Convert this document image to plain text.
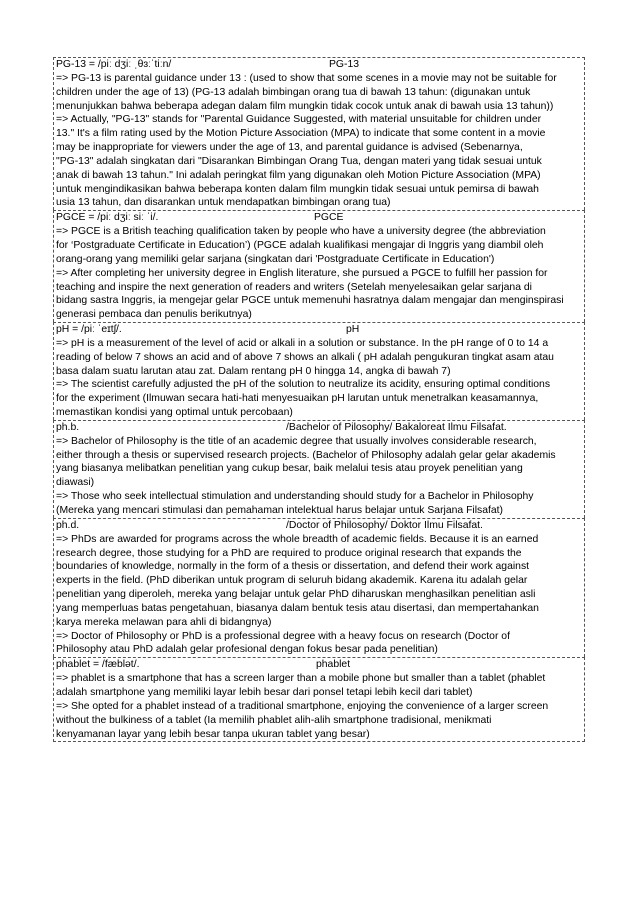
PG-13 = /piː dʒiː ˌθɜːˈtiːn/	PG-13
=> PG-13 is parental guidance under 13 : (used to show that some scenes in a movie may not be suitable for
children under the age of 13) (PG-13 adalah bimbingan orang tua di bawah 13 tahun: (digunakan untuk
menunjukkan bahwa beberapa adegan dalam film mungkin tidak cocok untuk anak di bawah usia 13 tahun))
=> Actually, "PG-13" stands for "Parental Guidance Suggested, with material unsuitable for children under
13." It's a film rating used by the Motion Picture Association (MPA) to indicate that some content in a movie
may be inappropriate for viewers under the age of 13, and parental guidance is advised (Sebenarnya,
"PG-13" adalah singkatan dari "Disarankan Bimbingan Orang Tua, dengan materi yang tidak sesuai untuk
anak di bawah 13 tahun." Ini adalah peringkat film yang digunakan oleh Motion Picture Association (MPA)
untuk mengindikasikan bahwa beberapa konten dalam film mungkin tidak sesuai untuk pemirsa di bawah
usia 13 tahun, dan disarankan untuk mendapatkan bimbingan orang tua)
PGCE = /piː dʒiː siː ˈi/.	PGCE
=> PGCE is a British teaching qualification taken by people who have a university degree (the abbreviation
for ‘Postgraduate Certificate in Education’) (PGCE adalah kualifikasi mengajar di Inggris yang diambil oleh
orang-orang yang memiliki gelar sarjana (singkatan dari 'Postgraduate Certificate in Education')
=> After completing her university degree in English literature, she pursued a PGCE to fulfill her passion for
teaching and inspire the next generation of readers and writers (Setelah menyelesaikan gelar sarjana di
bidang sastra Inggris, ia mengejar gelar PGCE untuk memenuhi hasratnya dalam mengajar dan menginspirasi
generasi pembaca dan penulis berikutnya)
pH = /piː ˈeɪtʃ/.	pH
=> pH is a measurement of the level of acid or alkali in a solution or substance. In the pH range of 0 to 14 a
reading of below 7 shows an acid and of above 7 shows an alkali ( pH adalah pengukuran tingkat asam atau
basa dalam suatu larutan atau zat. Dalam rentang pH 0 hingga 14, angka di bawah 7)
=> The scientist carefully adjusted the pH of the solution to neutralize its acidity, ensuring optimal conditions
for the experiment (Ilmuwan secara hati-hati menyesuaikan pH larutan untuk menetralkan keasamannya,
memastikan kondisi yang optimal untuk percobaan)
ph.b.	/Bachelor of Pilosophy/ Bakaloreat Ilmu Filsafat.
=> Bachelor of Philosophy is the title of an academic degree that usually involves considerable research,
either through a thesis or supervised research projects. (Bachelor of Philosophy adalah gelar gelar akademis
yang biasanya melibatkan penelitian yang cukup besar, baik melalui tesis atau proyek penelitian yang
diawasi)
=> Those who seek intellectual stimulation and understanding should study for a Bachelor in Philosophy
(Mereka yang mencari stimulasi dan pemahaman intelektual harus belajar untuk Sarjana Filsafat)
ph.d.	/Doctor of Philosophy/ Doktor Ilmu Filsafat.
=> PhDs are awarded for programs across the whole breadth of academic fields. Because it is an earned
research degree, those studying for a PhD are required to produce original research that expands the
boundaries of knowledge, normally in the form of a thesis or dissertation, and defend their work against
experts in the field. (PhD diberikan untuk program di seluruh bidang akademik. Karena itu adalah gelar
penelitian yang diperoleh, mereka yang belajar untuk gelar PhD diharuskan menghasilkan penelitian asli
yang memperluas batas pengetahuan, biasanya dalam bentuk tesis atau disertasi, dan mempertahankan
karya mereka melawan para ahli di bidangnya)
=> Doctor of Philosophy or PhD is a professional degree with a heavy focus on research (Doctor of
Philosophy atau PhD adalah gelar profesional dengan fokus besar pada penelitian)
phablet = /fæblət/.	phablet
=> phablet is a smartphone that has a screen larger than a mobile phone but smaller than a tablet (phablet
adalah smartphone yang memiliki layar lebih besar dari ponsel tetapi lebih kecil dari tablet)
=> She opted for a phablet instead of a traditional smartphone, enjoying the convenience of a larger screen
without the bulkiness of a tablet (Ia memilih phablet alih-alih smartphone tradisional, menikmati
kenyamanan layar yang lebih besar tanpa ukuran tablet yang besar)
